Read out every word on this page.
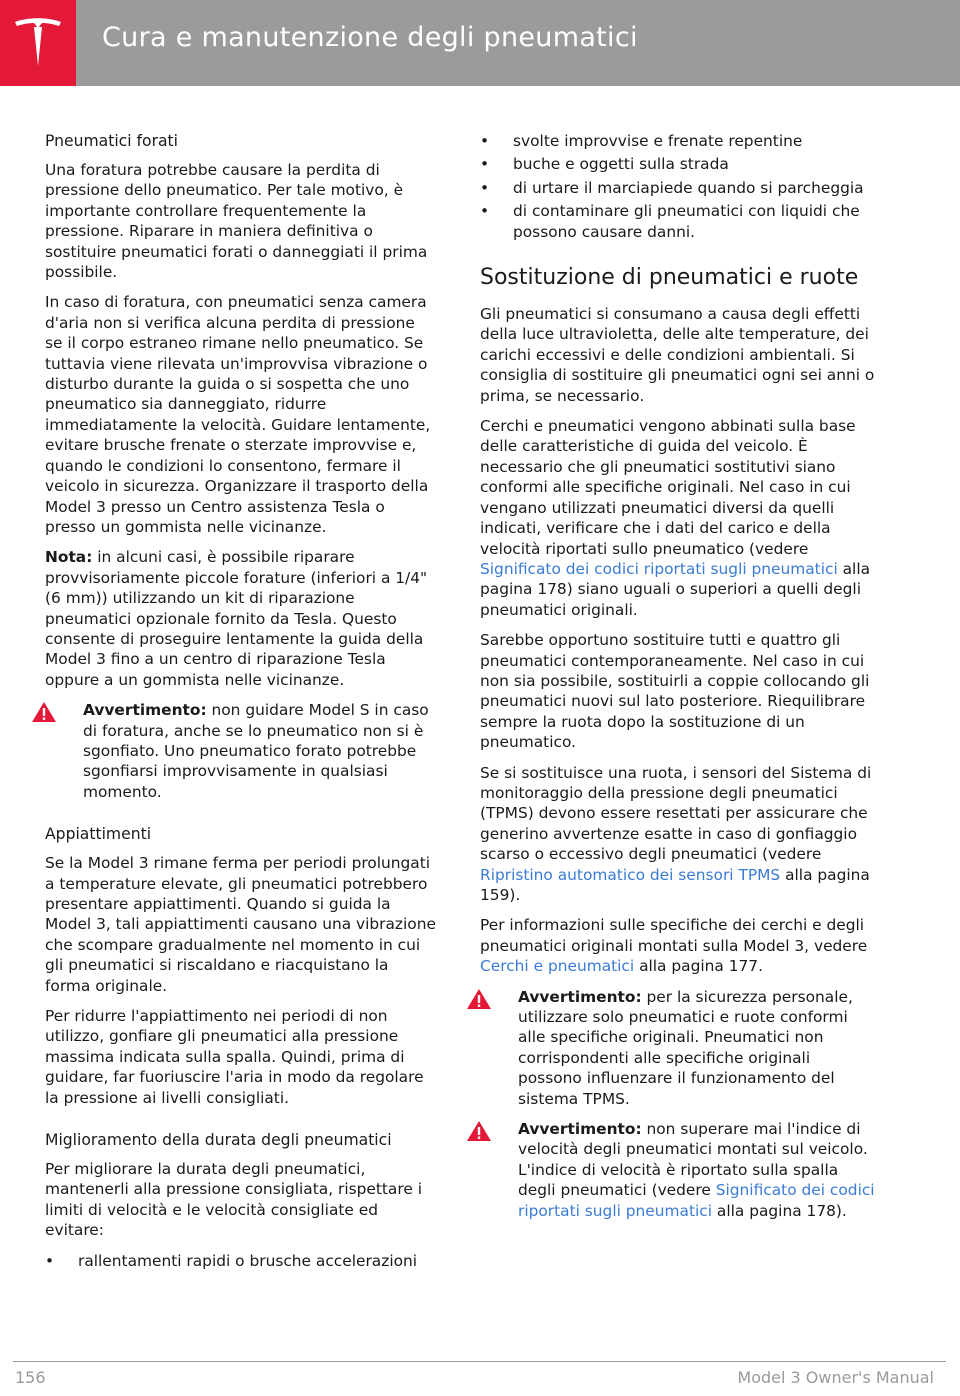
Cura e manutenzione degli pneumatici
Pneumatici forati

Una foratura potrebbe causare la perdita di pressione dello pneumatico. Per tale motivo, è importante controllare frequentemente la pressione. Riparare in maniera definitiva o sostituire pneumatici forati o danneggiati il prima possibile.

In caso di foratura, con pneumatici senza camera d'aria non si verifica alcuna perdita di pressione se il corpo estraneo rimane nello pneumatico. Se tuttavia viene rilevata un'improvvisa vibrazione o disturbo durante la guida o si sospetta che uno pneumatico sia danneggiato, ridurre immediatamente la velocità. Guidare lentamente, evitare brusche frenate o sterzate improvvise e, quando le condizioni lo consentono, fermare il veicolo in sicurezza. Organizzare il trasporto della Model 3 presso un Centro assistenza Tesla o presso un gommista nelle vicinanze.

Nota: in alcuni casi, è possibile riparare provvisoriamente piccole forature (inferiori a 1/4" (6 mm)) utilizzando un kit di riparazione pneumatici opzionale fornito da Tesla. Questo consente di proseguire lentamente la guida della Model 3 fino a un centro di riparazione Tesla oppure a un gommista nelle vicinanze.

Avvertimento: non guidare Model S in caso di foratura, anche se lo pneumatico non si è sgonfiato. Uno pneumatico forato potrebbe sgonfiarsi improvvisamente in qualsiasi momento.

Appiattimenti

Se la Model 3 rimane ferma per periodi prolungati a temperature elevate, gli pneumatici potrebbero presentare appiattimenti. Quando si guida la Model 3, tali appiattimenti causano una vibrazione che scompare gradualmente nel momento in cui gli pneumatici si riscaldano e riacquistano la forma originale.

Per ridurre l'appiattimento nei periodi di non utilizzo, gonfiare gli pneumatici alla pressione massima indicata sulla spalla. Quindi, prima di guidare, far fuoriuscire l'aria in modo da regolare la pressione ai livelli consigliati.

Miglioramento della durata degli pneumatici

Per migliorare la durata degli pneumatici, mantenerli alla pressione consigliata, rispettare i limiti di velocità e le velocità consigliate ed evitare:

• rallentamenti rapidi o brusche accelerazioni
• svolte improvvise e frenate repentine
• buche e oggetti sulla strada
• di urtare il marciapiede quando si parcheggia
• di contaminare gli pneumatici con liquidi che possono causare danni.
Sostituzione di pneumatici e ruote

Gli pneumatici si consumano a causa degli effetti della luce ultravioletta, delle alte temperature, dei carichi eccessivi e delle condizioni ambientali. Si consiglia di sostituire gli pneumatici ogni sei anni o prima, se necessario.

Cerchi e pneumatici vengono abbinati sulla base delle caratteristiche di guida del veicolo. È necessario che gli pneumatici sostitutivi siano conformi alle specifiche originali. Nel caso in cui vengano utilizzati pneumatici diversi da quelli indicati, verificare che i dati del carico e della velocità riportati sullo pneumatico (vedere Significato dei codici riportati sugli pneumatici alla pagina 178) siano uguali o superiori a quelli degli pneumatici originali.

Sarebbe opportuno sostituire tutti e quattro gli pneumatici contemporaneamente. Nel caso in cui non sia possibile, sostituirli a coppie collocando gli pneumatici nuovi sul lato posteriore. Riequilibrare sempre la ruota dopo la sostituzione di un pneumatico.

Se si sostituisce una ruota, i sensori del Sistema di monitoraggio della pressione degli pneumatici (TPMS) devono essere resettati per assicurare che generino avvertenze esatte in caso di gonfiaggio scarso o eccessivo degli pneumatici (vedere Ripristino automatico dei sensori TPMS alla pagina 159).

Per informazioni sulle specifiche dei cerchi e degli pneumatici originali montati sulla Model 3, vedere Cerchi e pneumatici alla pagina 177.

Avvertimento: per la sicurezza personale, utilizzare solo pneumatici e ruote conformi alle specifiche originali. Pneumatici non corrispondenti alle specifiche originali possono influenzare il funzionamento del sistema TPMS.

Avvertimento: non superare mai l'indice di velocità degli pneumatici montati sul veicolo. L'indice di velocità è riportato sulla spalla degli pneumatici (vedere Significato dei codici riportati sugli pneumatici alla pagina 178).

156	Model 3 Owner's Manual
